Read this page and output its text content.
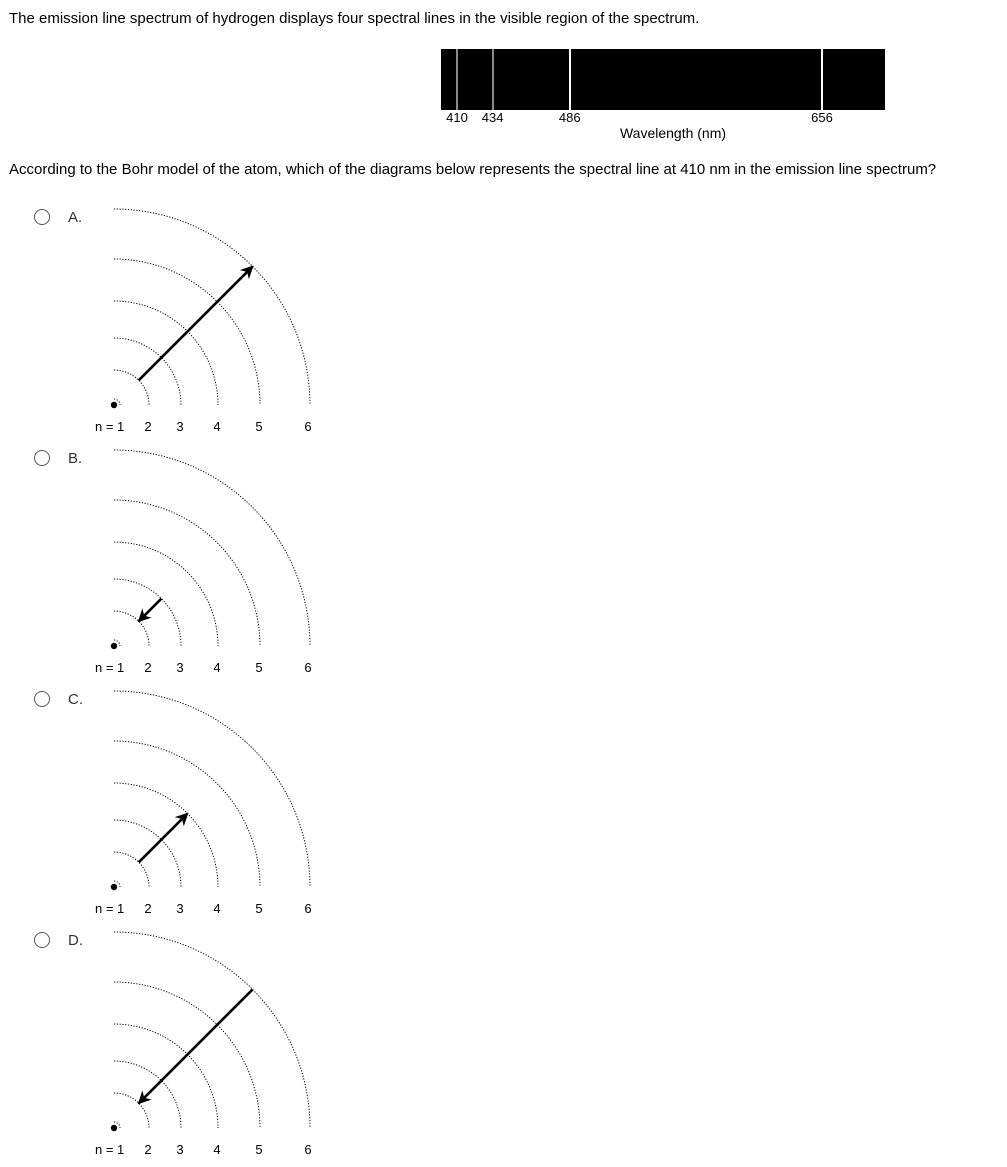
The emission line spectrum of hydrogen displays four spectral lines in the visible region of the spectrum.

410 434	486	656
Wavelength (nm)

According to the Bohr model of the atom, which of the diagrams below represents the spectral line at 410 nm in the emission line spectrum?

A.
n = 1 2 3 4	5	6
B.
n = 1 2 3 4	5	6
C.
n = 1 2 3 4	5	6
D.
n = 1 2 3 4	5	6
